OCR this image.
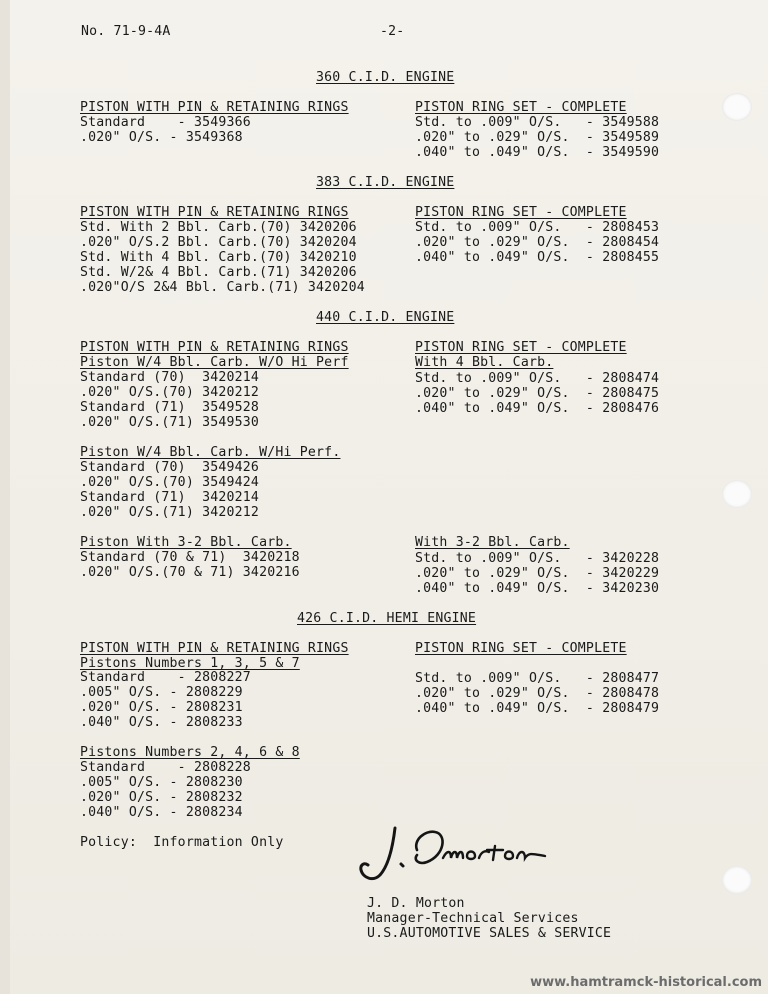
No. 71-9-4A	-2-
360 C.I.D. ENGINE
PISTON WITH PIN & RETAINING RINGS
Standard    - 3549366
.020" O/S. - 3549368
PISTON RING SET - COMPLETE
Std. to .009" O/S.   - 3549588
.020" to .029" O/S.  - 3549589
.040" to .049" O/S.  - 3549590
383 C.I.D. ENGINE
PISTON WITH PIN & RETAINING RINGS
Std. With 2 Bbl. Carb.(70) 3420206
.020" O/S.2 Bbl. Carb.(70) 3420204
Std. With 4 Bbl. Carb.(70) 3420210
Std. W/2& 4 Bbl. Carb.(71) 3420206
.020"O/S 2&4 Bbl. Carb.(71) 3420204
PISTON RING SET - COMPLETE
Std. to .009" O/S.   - 2808453
.020" to .029" O/S.  - 2808454
.040" to .049" O/S.  - 2808455
440 C.I.D. ENGINE
PISTON WITH PIN & RETAINING RINGS
Piston W/4 Bbl. Carb. W/O Hi Perf
Standard (70)  3420214
.020" O/S.(70) 3420212
Standard (71)  3549528
.020" O/S.(71) 3549530
Piston W/4 Bbl. Carb. W/Hi Perf.
Standard (70)  3549426
.020" O/S.(70) 3549424
Standard (71)  3420214
.020" O/S.(71) 3420212
Piston With 3-2 Bbl. Carb.
Standard (70 & 71)  3420218
.020" O/S.(70 & 71) 3420216
PISTON RING SET - COMPLETE
With 4 Bbl. Carb.
Std. to .009" O/S.   - 2808474
.020" to .029" O/S.  - 2808475
.040" to .049" O/S.  - 2808476
With 3-2 Bbl. Carb.
Std. to .009" O/S.   - 3420228
.020" to .029" O/S.  - 3420229
.040" to .049" O/S.  - 3420230
426 C.I.D. HEMI ENGINE
PISTON WITH PIN & RETAINING RINGS
Pistons Numbers 1, 3, 5 & 7
Standard    - 2808227
.005" O/S. - 2808229
.020" O/S. - 2808231
.040" O/S. - 2808233
Pistons Numbers 2, 4, 6 & 8
Standard    - 2808228
.005" O/S. - 2808230
.020" O/S. - 2808232
.040" O/S. - 2808234
PISTON RING SET - COMPLETE
Std. to .009" O/S.   - 2808477
.020" to .029" O/S.  - 2808478
.040" to .049" O/S.  - 2808479
Policy:  Information Only
J. D. Morton
Manager-Technical Services
U.S.AUTOMOTIVE SALES & SERVICE
www.hamtramck-historical.com
